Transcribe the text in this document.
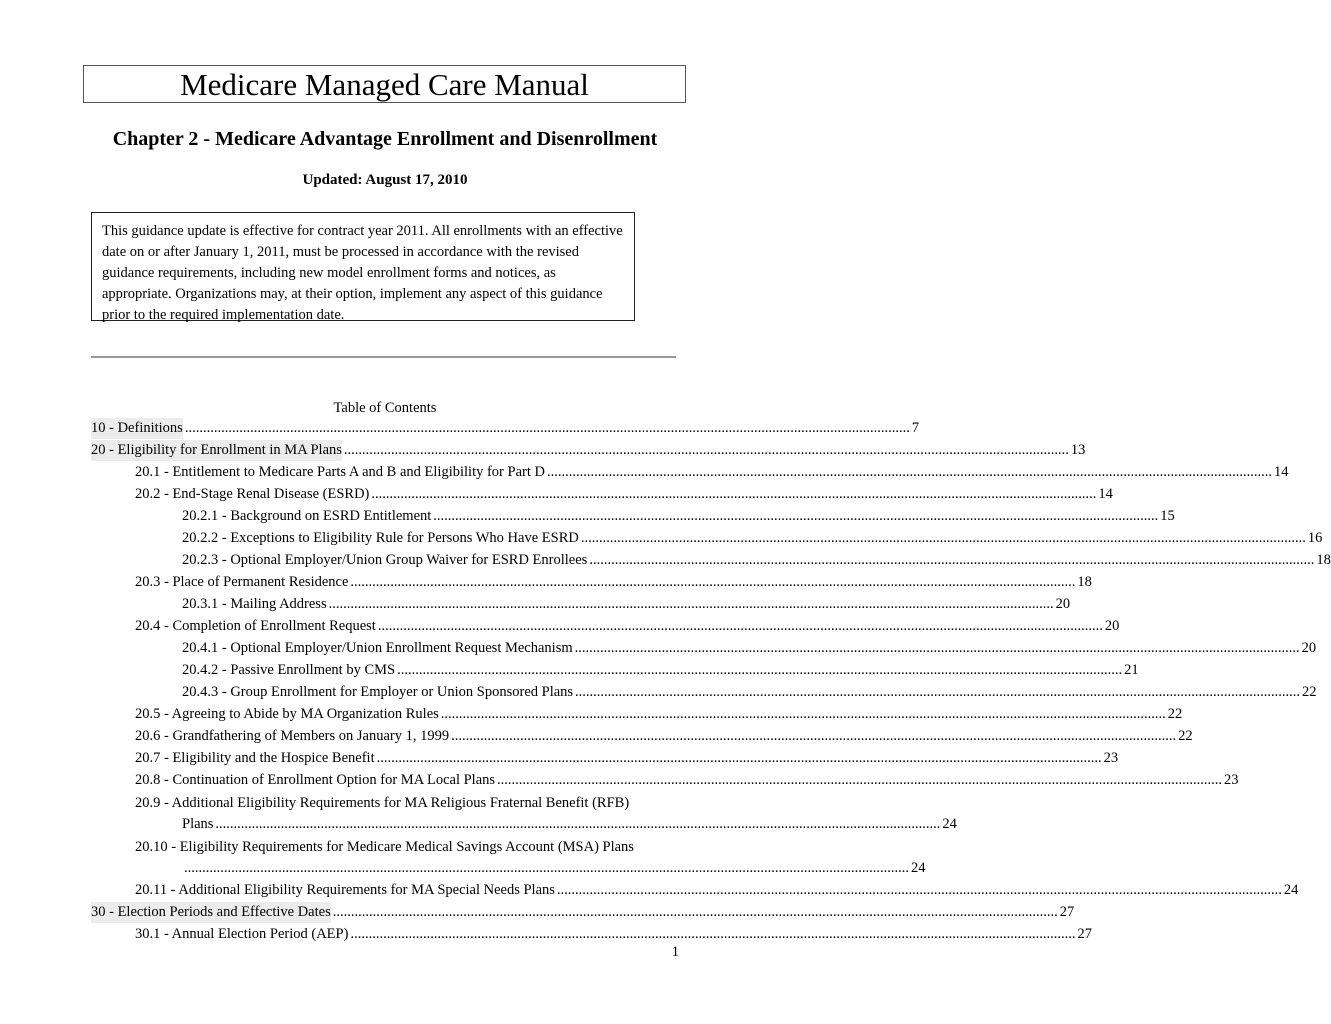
Medicare Managed Care Manual
Chapter 2 - Medicare Advantage Enrollment and Disenrollment
Updated: August 17, 2010
This guidance update is effective for contract year 2011. All enrollments with an effective date on or after January 1, 2011, must be processed in accordance with the revised guidance requirements, including new model enrollment forms and notices, as appropriate. Organizations may, at their option, implement any aspect of this guidance prior to the required implementation date.
Table of Contents
10 - Definitions ........................................................................................................................................................................................................ 7
20 - Eligibility for Enrollment in MA Plans ........................................................................................................................................................................................................ 13
20.1 - Entitlement to Medicare Parts A and B and Eligibility for Part D ........................................................................................................................................................................................................ 14
20.2 - End-Stage Renal Disease (ESRD) ........................................................................................................................................................................................................ 14
20.2.1 - Background on ESRD Entitlement ........................................................................................................................................................................................................ 15
20.2.2 - Exceptions to Eligibility Rule for Persons Who Have ESRD ........................................................................................................................................................................................................ 16
20.2.3 - Optional Employer/Union Group Waiver for ESRD Enrollees ........................................................................................................................................................................................................ 18
20.3 - Place of Permanent Residence ........................................................................................................................................................................................................ 18
20.3.1 - Mailing Address ........................................................................................................................................................................................................ 20
20.4 - Completion of Enrollment Request ........................................................................................................................................................................................................ 20
20.4.1 - Optional Employer/Union Enrollment Request Mechanism ........................................................................................................................................................................................................ 20
20.4.2 - Passive Enrollment by CMS ........................................................................................................................................................................................................ 21
20.4.3 - Group Enrollment for Employer or Union Sponsored Plans ........................................................................................................................................................................................................ 22
20.5 - Agreeing to Abide by MA Organization Rules ........................................................................................................................................................................................................ 22
20.6 - Grandfathering of Members on January 1, 1999 ........................................................................................................................................................................................................ 22
20.7 - Eligibility and the Hospice Benefit ........................................................................................................................................................................................................ 23
20.8 - Continuation of Enrollment Option for MA Local Plans ........................................................................................................................................................................................................ 23
20.9 - Additional Eligibility Requirements for MA Religious Fraternal Benefit (RFB)
Plans ........................................................................................................................................................................................................ 24
20.10 - Eligibility Requirements for Medicare Medical Savings Account (MSA) Plans
........................................................................................................................................................................................................ 24
20.11 - Additional Eligibility Requirements for MA Special Needs Plans ........................................................................................................................................................................................................ 24
30 - Election Periods and Effective Dates ........................................................................................................................................................................................................ 27
30.1 - Annual Election Period (AEP) ........................................................................................................................................................................................................ 27
1
